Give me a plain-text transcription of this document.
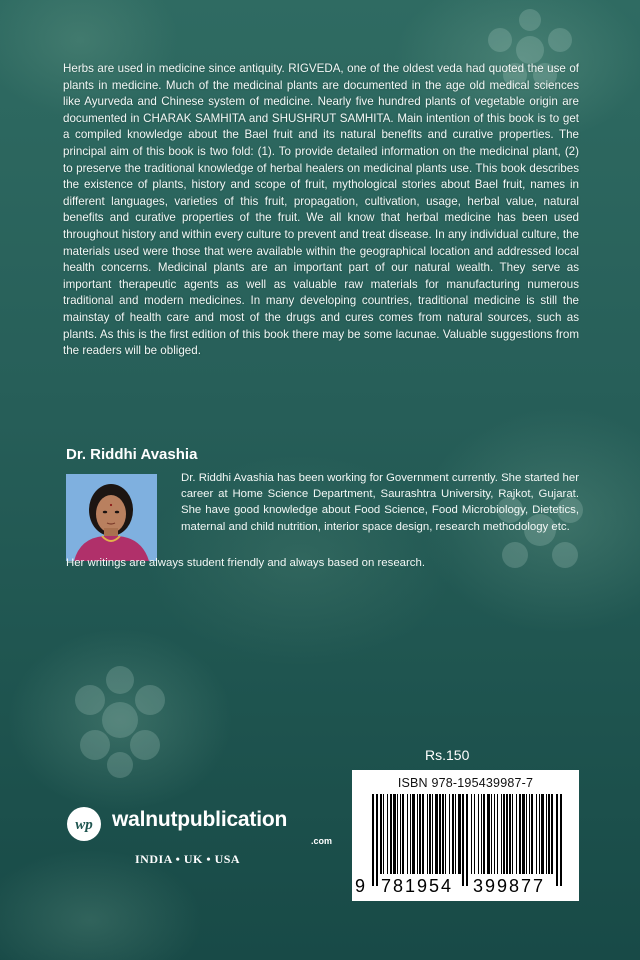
Herbs are used in medicine since antiquity. RIGVEDA, one of the oldest veda had quoted the use of plants in medicine. Much of the medicinal plants are documented in the age old medical sciences like Ayurveda and Chinese system of medicine. Nearly five hundred plants of vegetable origin are documented in CHARAK SAMHITA and SHUSHRUT SAMHITA. Main intention of this book is to get a compiled knowledge about the Bael fruit and its natural benefits and curative properties. The principal aim of this book is two fold: (1). To provide detailed information on the medicinal plant, (2) to preserve the traditional knowledge of herbal healers on medicinal plants use. This book describes the existence of plants, history and scope of fruit, mythological stories about Bael fruit, names in different languages, varieties of this fruit, propagation, cultivation, usage, herbal value, natural benefits and curative properties of the fruit. We all know that herbal medicine has been used throughout history and within every culture to prevent and treat disease. In any individual culture, the materials used were those that were available within the geographical location and addressed local health concerns. Medicinal plants are an important part of our natural wealth. They serve as important therapeutic agents as well as valuable raw materials for manufacturing numerous traditional and modern medicines. In many developing countries, traditional medicine is still the mainstay of health care and most of the drugs and cures comes from natural sources, such as plants. As this is the first edition of this book there may be some lacunae. Valuable suggestions from the readers will be obliged.
Dr. Riddhi Avashia
Dr. Riddhi Avashia has been working for Government currently. She started her career at Home Science Department, Saurashtra University, Rajkot, Gujarat. She have good knowledge about Food Science, Food Microbiology, Dietetics, maternal and child nutrition, interior space design, research methodology etc.
Her writings are always student friendly and always based on research.
Rs.150
ISBN 978-195439987-7
9 781954 399877
wp walnutpublication
.com
INDIA • UK • USA
